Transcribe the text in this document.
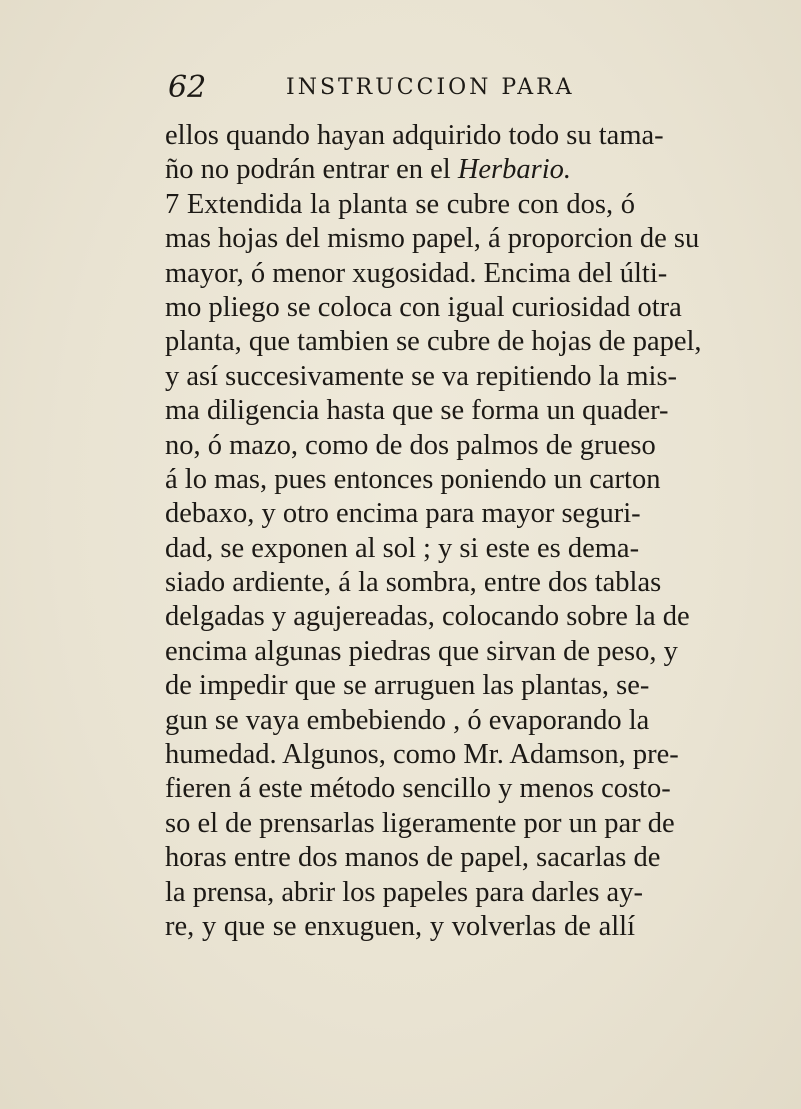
62	INSTRUCCION PARA
ellos quando hayan adquirido todo su tama-
ño no podrán entrar en el Herbario.
7 Extendida la planta se cubre con dos, ó
mas hojas del mismo papel, á proporcion de su
mayor, ó menor xugosidad. Encima del últi-
mo pliego se coloca con igual curiosidad otra
planta, que tambien se cubre de hojas de papel,
y así succesivamente se va repitiendo la mis-
ma diligencia hasta que se forma un quader-
no, ó mazo, como de dos palmos de grueso
á lo mas, pues entonces poniendo un carton
debaxo, y otro encima para mayor seguri-
dad, se exponen al sol ; y si este es dema-
siado ardiente, á la sombra, entre dos tablas
delgadas y agujereadas, colocando sobre la de
encima algunas piedras que sirvan de peso, y
de impedir que se arruguen las plantas, se-
gun se vaya embebiendo , ó evaporando la
humedad. Algunos, como Mr. Adamson, pre-
fieren á este método sencillo y menos costo-
so el de prensarlas ligeramente por un par de
horas entre dos manos de papel, sacarlas de
la prensa, abrir los papeles para darles ay-
re, y que se enxuguen, y volverlas de allí
